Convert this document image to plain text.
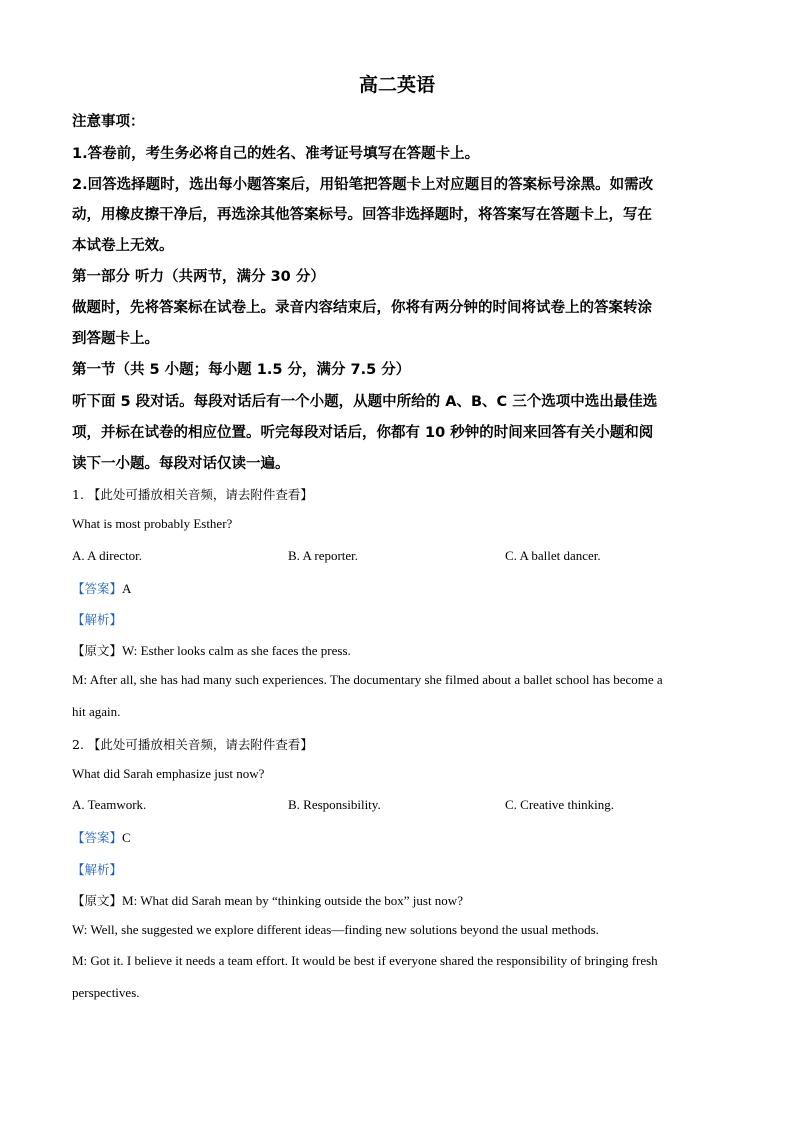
高二英语
注意事项：
1.答卷前，考生务必将自己的姓名、准考证号填写在答题卡上。
2.回答选择题时，选出每小题答案后，用铅笔把答题卡上对应题目的答案标号涂黑。如需改
动，用橡皮擦干净后，再选涂其他答案标号。回答非选择题时，将答案写在答题卡上，写在
本试卷上无效。
第一部分 听力（共两节，满分 30 分）
做题时，先将答案标在试卷上。录音内容结束后，你将有两分钟的时间将试卷上的答案转涂
到答题卡上。
第一节（共 5 小题；每小题 1.5 分，满分 7.5 分）
听下面 5 段对话。每段对话后有一个小题，从题中所给的 A、B、C 三个选项中选出最佳选
项，并标在试卷的相应位置。听完每段对话后，你都有 10 秒钟的时间来回答有关小题和阅
读下一小题。每段对话仅读一遍。
1. 【此处可播放相关音频，请去附件查看】
What is most probably Esther?
A. A director.	B. A reporter.	C. A ballet dancer.
【答案】A
【解析】
【原文】W: Esther looks calm as she faces the press.
M: After all, she has had many such experiences. The documentary she filmed about a ballet school has become a
hit again.
2. 【此处可播放相关音频，请去附件查看】
What did Sarah emphasize just now?
A. Teamwork.	B. Responsibility.	C. Creative thinking.
【答案】C
【解析】
【原文】M: What did Sarah mean by “thinking outside the box” just now?
W: Well, she suggested we explore different ideas—finding new solutions beyond the usual methods.
M: Got it. I believe it needs a team effort. It would be best if everyone shared the responsibility of bringing fresh
perspectives.
